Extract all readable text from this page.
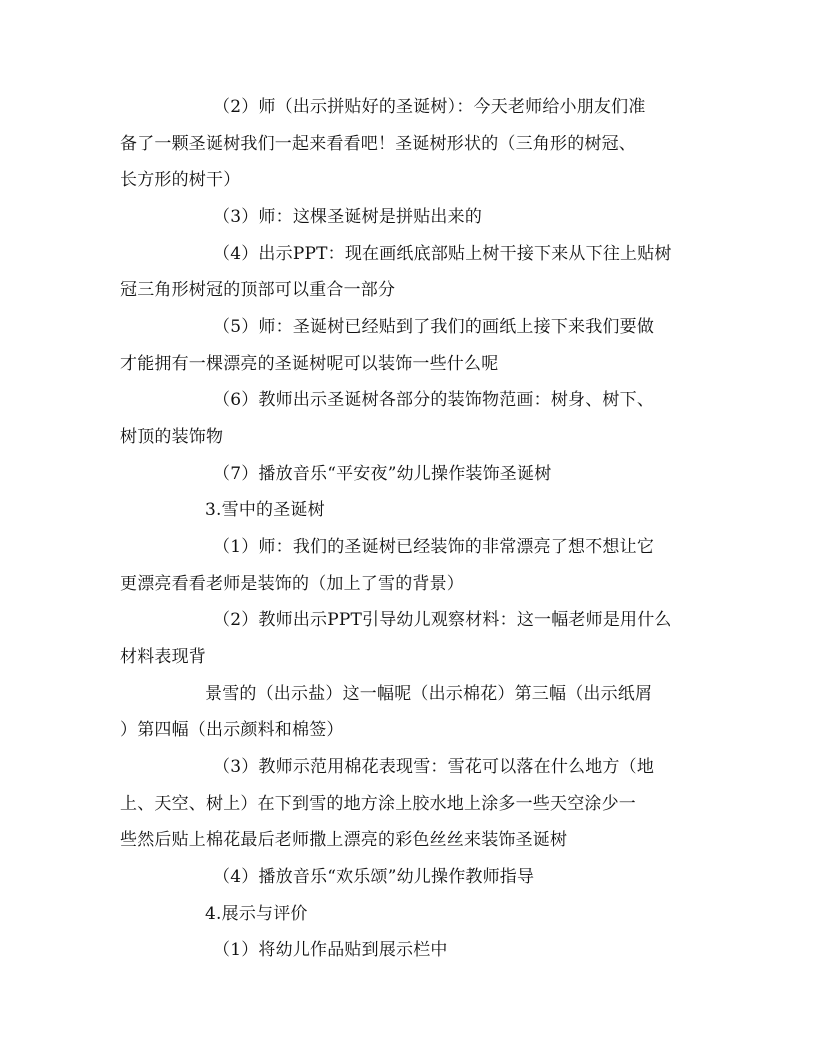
（2）师（出示拼贴好的圣诞树）：今天老师给小朋友们准
备了一颗圣诞树我们一起来看看吧！圣诞树形状的（三角形的树冠、
长方形的树干）
（3）师：这棵圣诞树是拼贴出来的
（4）出示PPT：现在画纸底部贴上树干接下来从下往上贴树
冠三角形树冠的顶部可以重合一部分
（5）师：圣诞树已经贴到了我们的画纸上接下来我们要做
才能拥有一棵漂亮的圣诞树呢可以装饰一些什么呢
（6）教师出示圣诞树各部分的装饰物范画：树身、树下、
树顶的装饰物
（7）播放音乐“平安夜”幼儿操作装饰圣诞树
3.雪中的圣诞树
（1）师：我们的圣诞树已经装饰的非常漂亮了想不想让它
更漂亮看看老师是装饰的（加上了雪的背景）
（2）教师出示PPT引导幼儿观察材料：这一幅老师是用什么
材料表现背
景雪的（出示盐）这一幅呢（出示棉花）第三幅（出示纸屑
）第四幅（出示颜料和棉签）
（3）教师示范用棉花表现雪：雪花可以落在什么地方（地
上、天空、树上）在下到雪的地方涂上胶水地上涂多一些天空涂少一
些然后贴上棉花最后老师撒上漂亮的彩色丝丝来装饰圣诞树
（4）播放音乐“欢乐颂”幼儿操作教师指导
4.展示与评价
（1）将幼儿作品贴到展示栏中
